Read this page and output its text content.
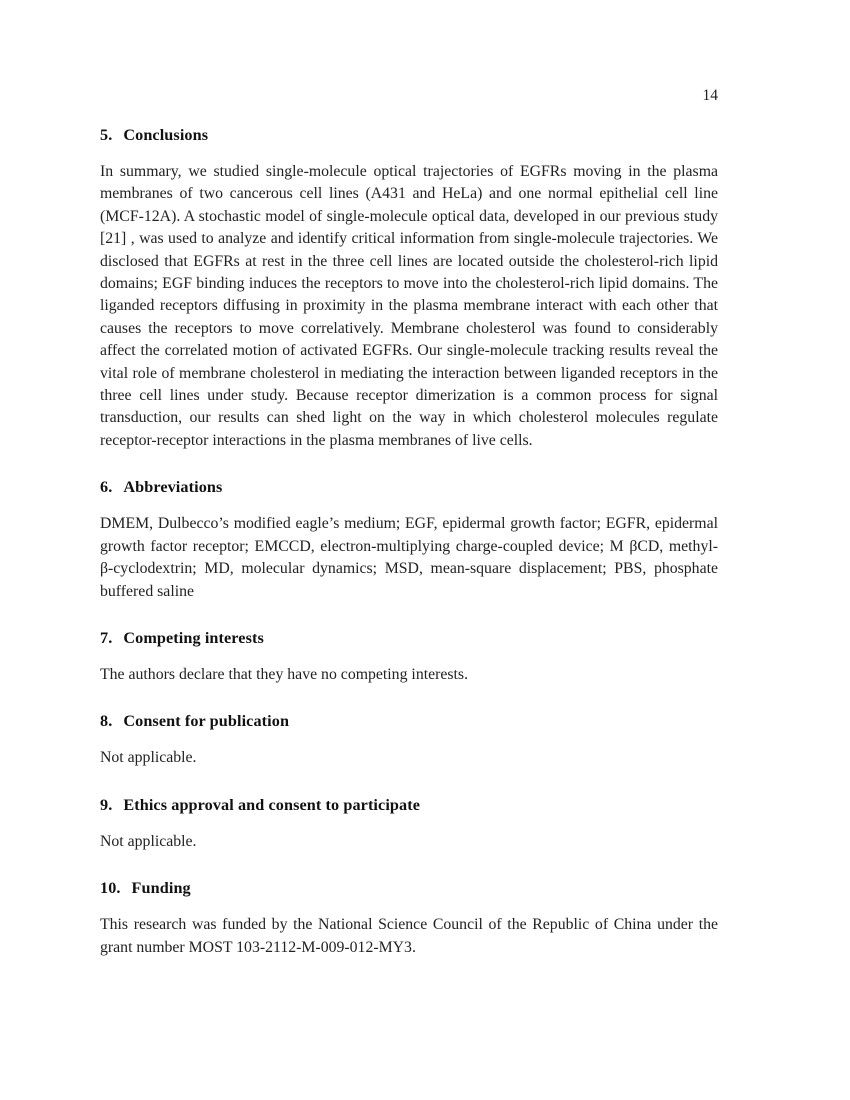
14
5. Conclusions

In summary, we studied single-molecule optical trajectories of EGFRs moving in the plasma membranes of two cancerous cell lines (A431 and HeLa) and one normal epithelial cell line (MCF-12A). A stochastic model of single-molecule optical data, developed in our previous study [21] , was used to analyze and identify critical information from single-molecule trajectories. We disclosed that EGFRs at rest in the three cell lines are located outside the cholesterol-rich lipid domains; EGF binding induces the receptors to move into the cholesterol-rich lipid domains. The liganded receptors diffusing in proximity in the plasma membrane interact with each other that causes the receptors to move correlatively. Membrane cholesterol was found to considerably affect the correlated motion of activated EGFRs. Our single-molecule tracking results reveal the vital role of membrane cholesterol in mediating the interaction between liganded receptors in the three cell lines under study. Because receptor dimerization is a common process for signal transduction, our results can shed light on the way in which cholesterol molecules regulate receptor-receptor interactions in the plasma membranes of live cells.

6. Abbreviations

DMEM, Dulbecco’s modified eagle’s medium; EGF, epidermal growth factor; EGFR, epidermal growth factor receptor; EMCCD, electron-multiplying charge-coupled device; M βCD, methyl- β-cyclodextrin; MD, molecular dynamics; MSD, mean-square displacement; PBS, phosphate buffered saline

7. Competing interests

The authors declare that they have no competing interests.

8. Consent for publication

Not applicable.

9. Ethics approval and consent to participate

Not applicable.

10. Funding

This research was funded by the National Science Council of the Republic of China under the grant number MOST 103-2112-M-009-012-MY3.
